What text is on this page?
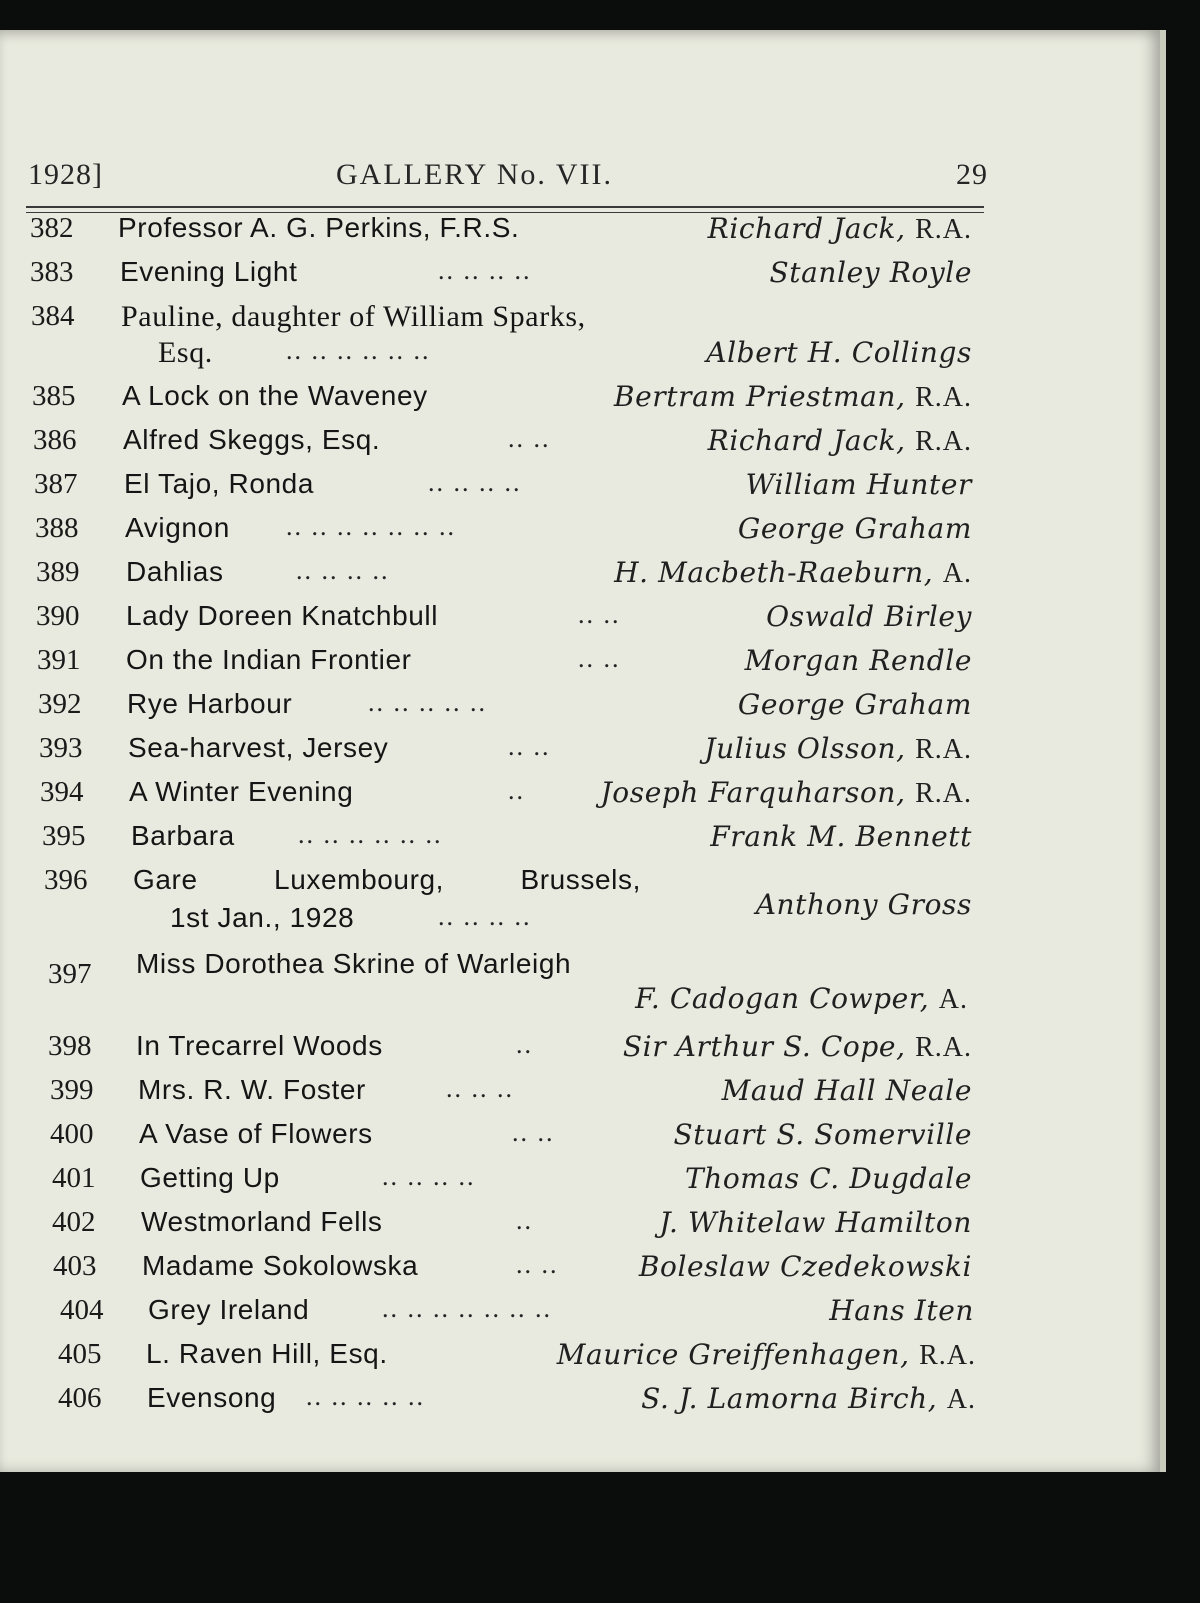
1928]	GALLERY No. VII.	29
382 Professor A. G. Perkins, F.R.S.	Richard Jack, R.A.
383 Evening Light	.. .. .. ..	Stanley Royle
384 Pauline, daughter of William Sparks,
Esq.	.. .. .. .. .. ..	Albert H. Collings
385 A Lock on the Waveney	Bertram Priestman, R.A.
386 Alfred Skeggs, Esq.	.. ..	Richard Jack, R.A.
387 El Tajo, Ronda	.. .. .. ..	William Hunter
388 Avignon .. .. .. .. .. .. ..	George Graham
389 Dahlias	.. .. .. ..	H. Macbeth-Raeburn, A.
390 Lady Doreen Knatchbull	.. ..	Oswald Birley
391 On the Indian Frontier	.. ..	Morgan Rendle
392 Rye Harbour	.. .. .. .. ..	George Graham
393 Sea-harvest, Jersey	.. ..	Julius Olsson, R.A.
394 A Winter Evening	..	Joseph Farquharson, R.A.
395 Barbara .. .. .. .. .. ..	Frank M. Bennett
396 Gare Luxembourg, Brussels,
1st Jan., 1928	.. .. .. ..	Anthony Gross
397 Miss Dorothea Skrine of Warleigh
F. Cadogan Cowper, A.
398 In Trecarrel Woods	..	Sir Arthur S. Cope, R.A.
399 Mrs. R. W. Foster	.. .. ..	Maud Hall Neale
400 A Vase of Flowers	.. ..	Stuart S. Somerville
401 Getting Up	.. .. .. ..	Thomas C. Dugdale
402 Westmorland Fells	..	J. Whitelaw Hamilton
403 Madame Sokolowska	.. ..	Boleslaw Czedekowski
404 Grey Ireland	.. .. .. .. .. .. ..	Hans Iten
405 L. Raven Hill, Esq.	Maurice Greiffenhagen, R.A.
406 Evensong .. .. .. .. ..	S. J. Lamorna Birch, A.
